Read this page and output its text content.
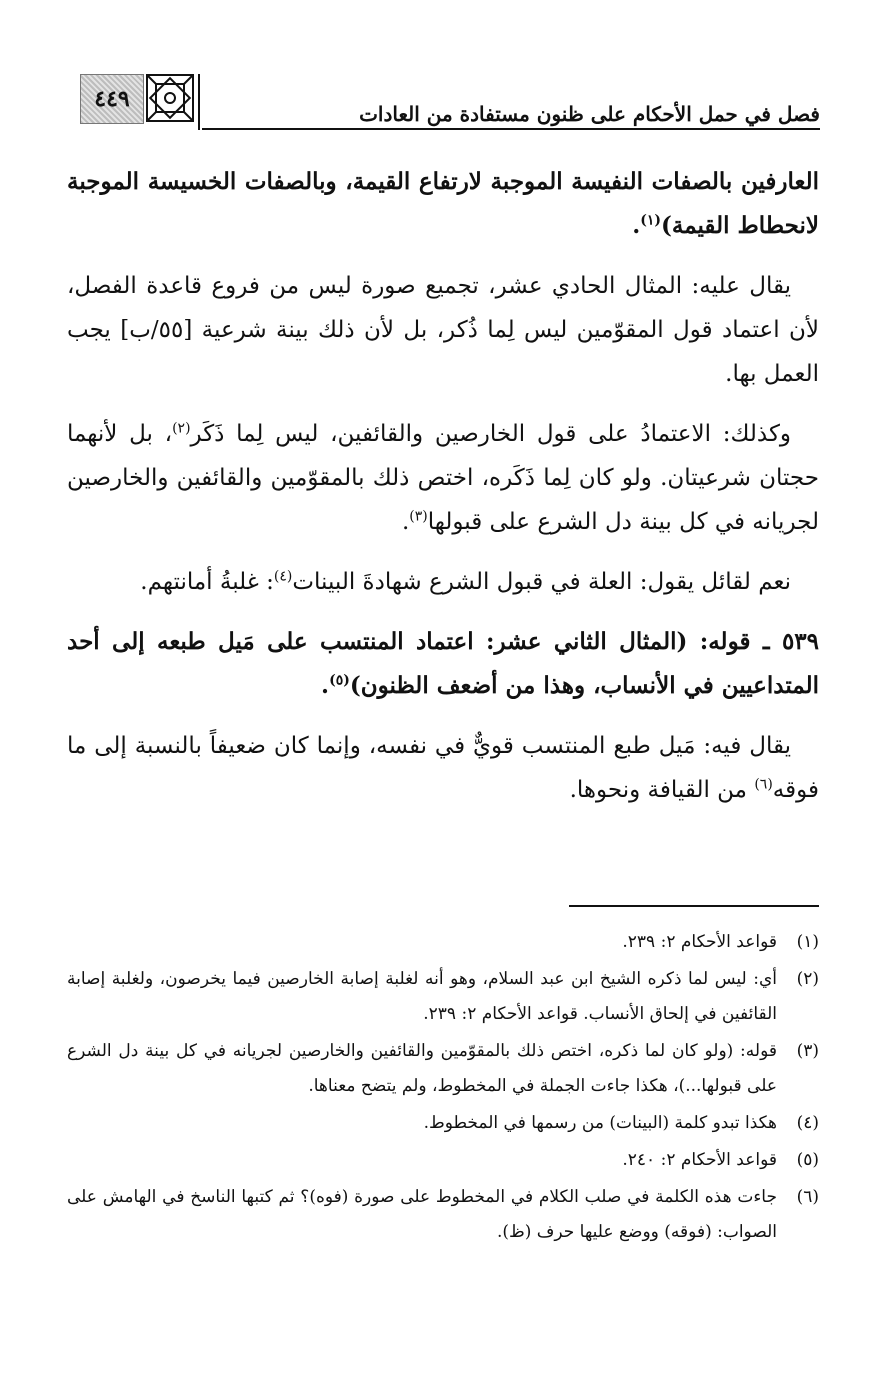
فصل في حمل الأحكام على ظنون مستفادة من العادات
٤٤٩

العارفين بالصفات النفيسة الموجبة لارتفاع القيمة، وبالصفات الخسيسة الموجبة لانحطاط القيمة)$^{(١)}$.

يقال عليه: المثال الحادي عشر، تجميع صورة ليس من فروع قاعدة الفصل، لأن اعتماد قول المقوّمين ليس لِما ذُكر، بل لأن ذلك بينة شرعية [٥٥/ب] يجب العمل بها.

وكذلك: الاعتمادُ على قول الخارصين والقائفين، ليس لِما ذَكَر$^{(٢)}$، بل لأنهما حجتان شرعيتان. ولو كان لِما ذَكَره، اختص ذلك بالمقوّمين والقائفين والخارصين لجريانه في كل بينة دل الشرع على قبولها$^{(٣)}$.

نعم لقائل يقول: العلة في قبول الشرع شهادةَ البينات$^{(٤)}$: غلبةُ أمانتهم.

٥٣٩ ـ قوله: (المثال الثاني عشر: اعتماد المنتسب على مَيل طبعه إلى أحد المتداعيين في الأنساب، وهذا من أضعف الظنون)$^{(٥)}$.

يقال فيه: مَيل طبع المنتسب قويٌّ في نفسه، وإنما كان ضعيفاً بالنسبة إلى ما فوقه$^{(٦)}$ من القيافة ونحوها.

(١)
قواعد الأحكام ٢: ٢٣٩.
(٢)
أي: ليس لما ذكره الشيخ ابن عبد السلام، وهو أنه لغلبة إصابة الخارصين فيما يخرصون، ولغلبة إصابة القائفين في إلحاق الأنساب. قواعد الأحكام ٢: ٢٣٩.
(٣)
قوله: (ولو كان لما ذكره، اختص ذلك بالمقوّمين والقائفين والخارصين لجريانه في كل بينة دل الشرع على قبولها...)، هكذا جاءت الجملة في المخطوط، ولم يتضح معناها.
(٤)
هكذا تبدو كلمة (البينات) من رسمها في المخطوط.
(٥)
قواعد الأحكام ٢: ٢٤٠.
(٦)
جاءت هذه الكلمة في صلب الكلام في المخطوط على صورة (فوه)؟ ثم كتبها الناسخ في الهامش على الصواب: (فوقه) ووضع عليها حرف (ظ).
